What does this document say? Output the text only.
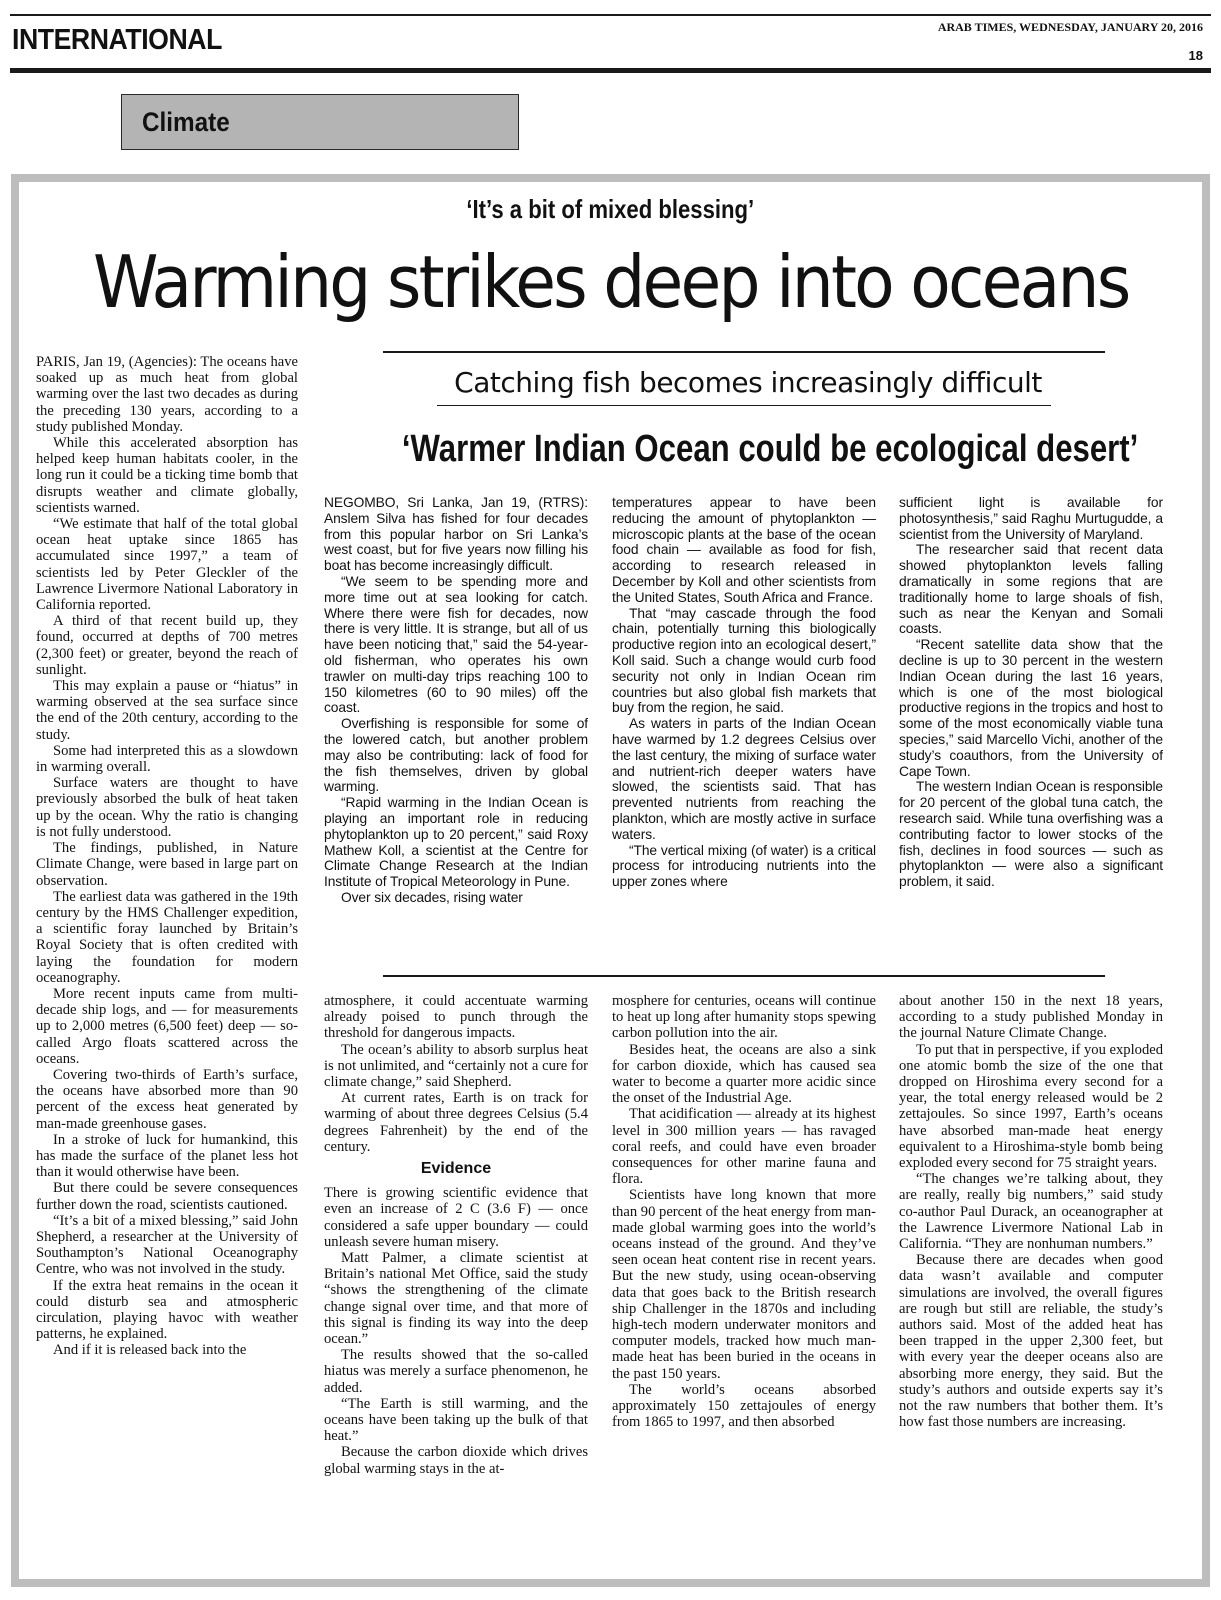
INTERNATIONAL	ARAB TIMES, WEDNESDAY, JANUARY 20, 2016
18
Climate
‘It’s a bit of mixed blessing’
Warming strikes deep into oceans
Catching fish becomes increasingly difficult
‘Warmer Indian Ocean could be ecological desert’

PARIS, Jan 19, (Agencies): The oceans have soaked up as much heat from global warming over the last two decades as during the preceding 130 years, according to a study published Monday.

While this accelerated absorption has helped keep human habitats cooler, in the long run it could be a ticking time bomb that disrupts weather and climate globally, scientists warned.

“We estimate that half of the total global ocean heat uptake since 1865 has accumulated since 1997,” a team of scientists led by Peter Gleckler of the Lawrence Livermore National Laboratory in California reported.

A third of that recent build up, they found, occurred at depths of 700 metres (2,300 feet) or greater, beyond the reach of sunlight.

This may explain a pause or “hiatus” in warming observed at the sea surface since the end of the 20th century, according to the study.

Some had interpreted this as a slowdown in warming overall.

Surface waters are thought to have previously absorbed the bulk of heat taken up by the ocean. Why the ratio is changing is not fully understood.

The findings, published, in Nature Climate Change, were based in large part on observation.

The earliest data was gathered in the 19th century by the HMS Challenger expedition, a scientific foray launched by Britain’s Royal Society that is often credited with laying the foundation for modern oceanography.

More recent inputs came from multi-decade ship logs, and — for measurements up to 2,000 metres (6,500 feet) deep — so-called Argo floats scattered across the oceans.

Covering two-thirds of Earth’s surface, the oceans have absorbed more than 90 percent of the excess heat generated by man-made greenhouse gases.

In a stroke of luck for humankind, this has made the surface of the planet less hot than it would otherwise have been.

But there could be severe consequences further down the road, scientists cautioned.

“It’s a bit of a mixed blessing,” said John Shepherd, a researcher at the University of Southampton’s National Oceanography Centre, who was not involved in the study.

If the extra heat remains in the ocean it could disturb sea and atmospheric circulation, playing havoc with weather patterns, he explained.

And if it is released back into the

NEGOMBO, Sri Lanka, Jan 19, (RTRS): Anslem Silva has fished for four decades from this popular harbor on Sri Lanka’s west coast, but for five years now filling his boat has become increasingly difficult.

“We seem to be spending more and more time out at sea looking for catch. Where there were fish for decades, now there is very little. It is strange, but all of us have been noticing that,” said the 54-year-old fisherman, who operates his own trawler on multi-day trips reaching 100 to 150 kilometres (60 to 90 miles) off the coast.

Overfishing is responsible for some of the lowered catch, but another problem may also be contributing: lack of food for the fish themselves, driven by global warming.

“Rapid warming in the Indian Ocean is playing an important role in reducing phytoplankton up to 20 percent,” said Roxy Mathew Koll, a scientist at the Centre for Climate Change Research at the Indian Institute of Tropical Meteorology in Pune.

Over six decades, rising water

temperatures appear to have been reducing the amount of phytoplankton — microscopic plants at the base of the ocean food chain — available as food for fish, according to research released in December by Koll and other scientists from the United States, South Africa and France.

That “may cascade through the food chain, potentially turning this biologically productive region into an ecological desert,” Koll said. Such a change would curb food security not only in Indian Ocean rim countries but also global fish markets that buy from the region, he said.

As waters in parts of the Indian Ocean have warmed by 1.2 degrees Celsius over the last century, the mixing of surface water and nutrient-rich deeper waters have slowed, the scientists said. That has prevented nutrients from reaching the plankton, which are mostly active in surface waters.

“The vertical mixing (of water) is a critical process for introducing nutrients into the upper zones where

sufficient light is available for photosynthesis,” said Raghu Murtugudde, a scientist from the University of Maryland.

The researcher said that recent data showed phytoplankton levels falling dramatically in some regions that are traditionally home to large shoals of fish, such as near the Kenyan and Somali coasts.

“Recent satellite data show that the decline is up to 30 percent in the western Indian Ocean during the last 16 years, which is one of the most biological productive regions in the tropics and host to some of the most economically viable tuna species,” said Marcello Vichi, another of the study’s coauthors, from the University of Cape Town.

The western Indian Ocean is responsible for 20 percent of the global tuna catch, the research said. While tuna overfishing was a contributing factor to lower stocks of the fish, declines in food sources — such as phytoplankton — were also a significant problem, it said.

atmosphere, it could accentuate warming already poised to punch through the threshold for dangerous impacts.

The ocean’s ability to absorb surplus heat is not unlimited, and “certainly not a cure for climate change,” said Shepherd.

At current rates, Earth is on track for warming of about three degrees Celsius (5.4 degrees Fahrenheit) by the end of the century.

Evidence

There is growing scientific evidence that even an increase of 2 C (3.6 F) — once considered a safe upper boundary — could unleash severe human misery.

Matt Palmer, a climate scientist at Britain’s national Met Office, said the study “shows the strengthening of the climate change signal over time, and that more of this signal is finding its way into the deep ocean.”

The results showed that the so-called hiatus was merely a surface phenomenon, he added.

“The Earth is still warming, and the oceans have been taking up the bulk of that heat.”

Because the carbon dioxide which drives global warming stays in the at-

mosphere for centuries, oceans will continue to heat up long after humanity stops spewing carbon pollution into the air.

Besides heat, the oceans are also a sink for carbon dioxide, which has caused sea water to become a quarter more acidic since the onset of the Industrial Age.

That acidification — already at its highest level in 300 million years — has ravaged coral reefs, and could have even broader consequences for other marine fauna and flora.

Scientists have long known that more than 90 percent of the heat energy from man-made global warming goes into the world’s oceans instead of the ground. And they’ve seen ocean heat content rise in recent years. But the new study, using ocean-observing data that goes back to the British research ship Challenger in the 1870s and including high-tech modern underwater monitors and computer models, tracked how much man-made heat has been buried in the oceans in the past 150 years.

The world’s oceans absorbed approximately 150 zettajoules of energy from 1865 to 1997, and then absorbed

about another 150 in the next 18 years, according to a study published Monday in the journal Nature Climate Change.

To put that in perspective, if you exploded one atomic bomb the size of the one that dropped on Hiroshima every second for a year, the total energy released would be 2 zettajoules. So since 1997, Earth’s oceans have absorbed man-made heat energy equivalent to a Hiroshima-style bomb being exploded every second for 75 straight years.

“The changes we’re talking about, they are really, really big numbers,” said study co-author Paul Durack, an oceanographer at the Lawrence Livermore National Lab in California. “They are nonhuman numbers.”

Because there are decades when good data wasn’t available and computer simulations are involved, the overall figures are rough but still are reliable, the study’s authors said. Most of the added heat has been trapped in the upper 2,300 feet, but with every year the deeper oceans also are absorbing more energy, they said. But the study’s authors and outside experts say it’s not the raw numbers that bother them. It’s how fast those numbers are increasing.
